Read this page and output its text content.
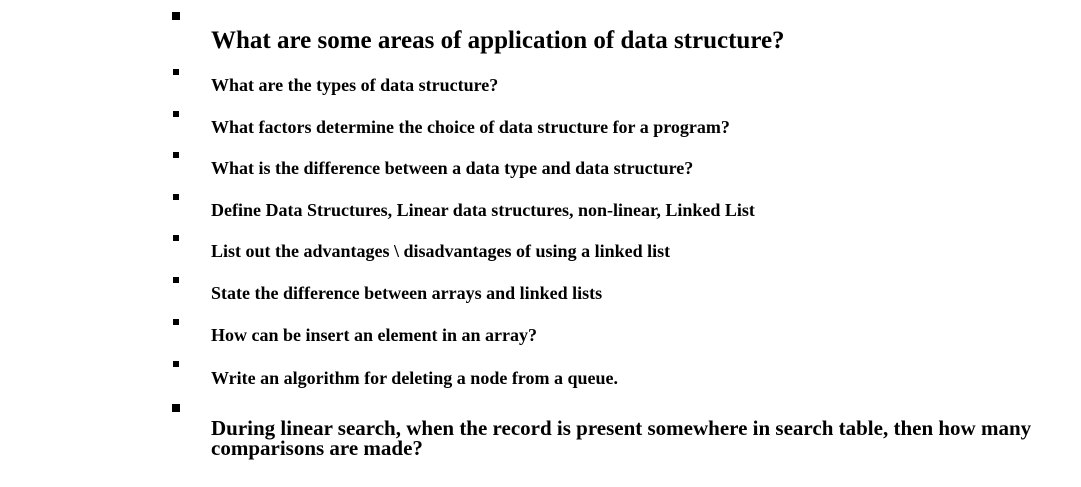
What are some areas of application of data structure?
What are the types of data structure?
What factors determine the choice of data structure for a program?
What is the difference between a data type and data structure?
Define Data Structures, Linear data structures, non-linear, Linked List
List out the advantages \ disadvantages of using a linked list
State the difference between arrays and linked lists
How can be insert an element in an array?
Write an algorithm for deleting a node from a queue.
During linear search, when the record is present somewhere in search table, then how many comparisons are made?
